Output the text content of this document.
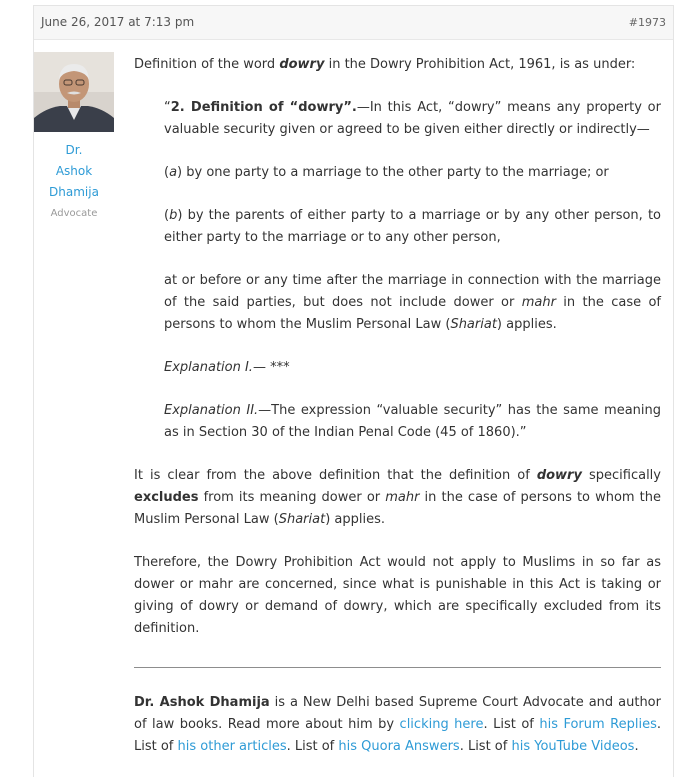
June 26, 2017 at 7:13 pm	#1973
Dr.
Ashok
Dhamija
Advocate

Definition of the word dowry in the Dowry Prohibition Act, 1961, is as under:

“2. Definition of “dowry”.—In this Act, “dowry” means any property or valuable security given or agreed to be given either directly or indirectly—

(a) by one party to a marriage to the other party to the marriage; or

(b) by the parents of either party to a marriage or by any other person, to either party to the marriage or to any other person,

at or before or any time after the marriage in connection with the marriage of the said parties, but does not include dower or mahr in the case of persons to whom the Muslim Personal Law (Shariat) applies.

Explanation I.— ***

Explanation II.—The expression “valuable security” has the same meaning as in Section 30 of the Indian Penal Code (45 of 1860).”

It is clear from the above definition that the definition of dowry specifically excludes from its meaning dower or mahr in the case of persons to whom the Muslim Personal Law (Shariat) applies.

Therefore, the Dowry Prohibition Act would not apply to Muslims in so far as dower or mahr are concerned, since what is punishable in this Act is taking or giving of dowry or demand of dowry, which are specifically excluded from its definition.

Dr. Ashok Dhamija is a New Delhi based Supreme Court Advocate and author of law books. Read more about him by clicking here. List of his Forum Replies. List of his other articles. List of his Quora Answers. List of his YouTube Videos.
